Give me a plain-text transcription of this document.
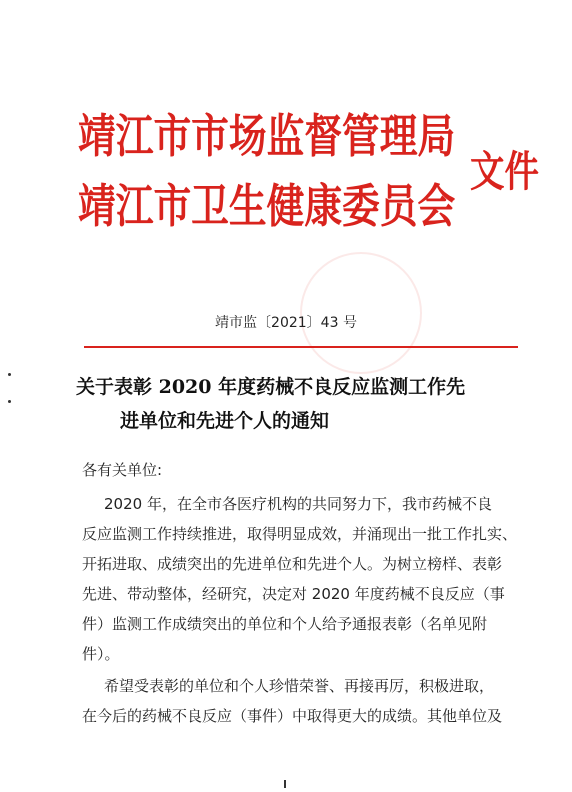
靖江市市场监督管理局
靖江市卫生健康委员会
文件
靖市监〔2021〕43 号
关于表彰 2020 年度药械不良反应监测工作先
进单位和先进个人的通知
各有关单位:
2020 年，在全市各医疗机构的共同努力下，我市药械不良
反应监测工作持续推进，取得明显成效，并涌现出一批工作扎实、
开拓进取、成绩突出的先进单位和先进个人。为树立榜样、表彰
先进、带动整体，经研究，决定对 2020 年度药械不良反应（事
件）监测工作成绩突出的单位和个人给予通报表彰（名单见附
件）。
希望受表彰的单位和个人珍惜荣誉、再接再厉，积极进取，
在今后的药械不良反应（事件）中取得更大的成绩。其他单位及
